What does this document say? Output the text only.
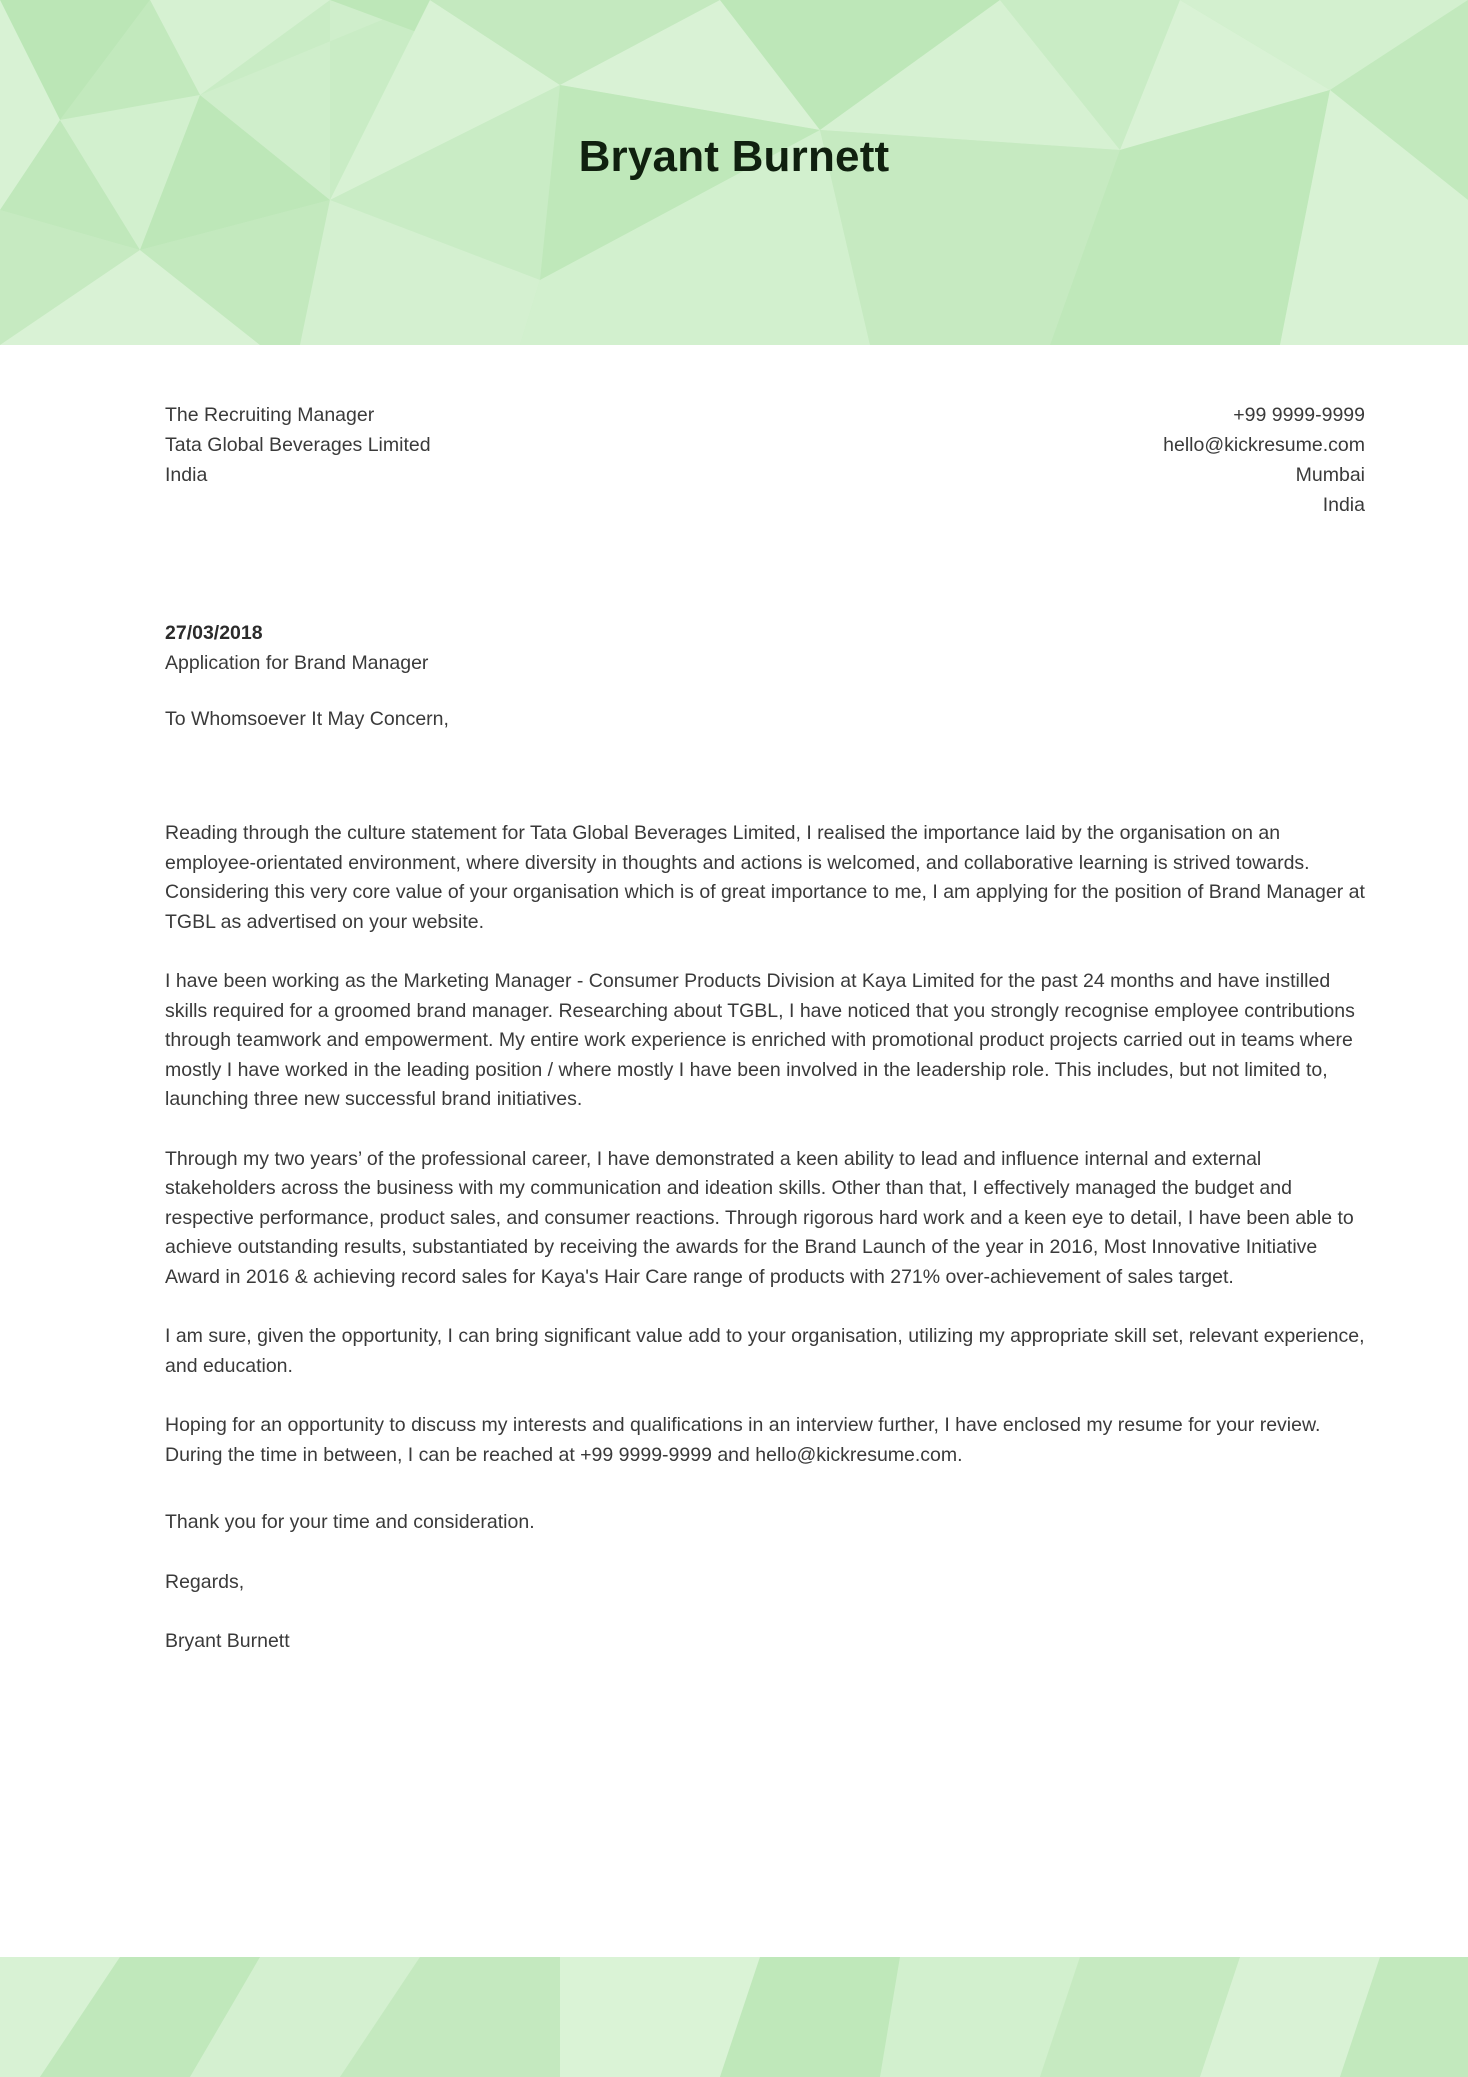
Bryant Burnett
The Recruiting Manager
Tata Global Beverages Limited
India
+99 9999-9999
hello@kickresume.com
Mumbai
India
27/03/2018
Application for Brand Manager
To Whomsoever It May Concern,

Reading through the culture statement for Tata Global Beverages Limited, I realised the importance laid by the organisation on an employee-orientated environment, where diversity in thoughts and actions is welcomed, and collaborative learning is strived towards. Considering this very core value of your organisation which is of great importance to me, I am applying for the position of Brand Manager at TGBL as advertised on your website.

I have been working as the Marketing Manager - Consumer Products Division at Kaya Limited for the past 24 months and have instilled skills required for a groomed brand manager. Researching about TGBL, I have noticed that you strongly recognise employee contributions through teamwork and empowerment. My entire work experience is enriched with promotional product projects carried out in teams where mostly I have worked in the leading position / where mostly I have been involved in the leadership role. This includes, but not limited to, launching three new successful brand initiatives.

Through my two years’ of the professional career, I have demonstrated a keen ability to lead and influence internal and external stakeholders across the business with my communication and ideation skills. Other than that, I effectively managed the budget and respective performance, product sales, and consumer reactions. Through rigorous hard work and a keen eye to detail, I have been able to achieve outstanding results, substantiated by receiving the awards for the Brand Launch of the year in 2016, Most Innovative Initiative Award in 2016 & achieving record sales for Kaya's Hair Care range of products with 271% over-achievement of sales target.

I am sure, given the opportunity, I can bring significant value add to your organisation, utilizing my appropriate skill set, relevant experience, and education.

Hoping for an opportunity to discuss my interests and qualifications in an interview further, I have enclosed my resume for your review. During the time in between, I can be reached at +99 9999-9999 and hello@kickresume.com.

Thank you for your time and consideration.

Regards,

Bryant Burnett
